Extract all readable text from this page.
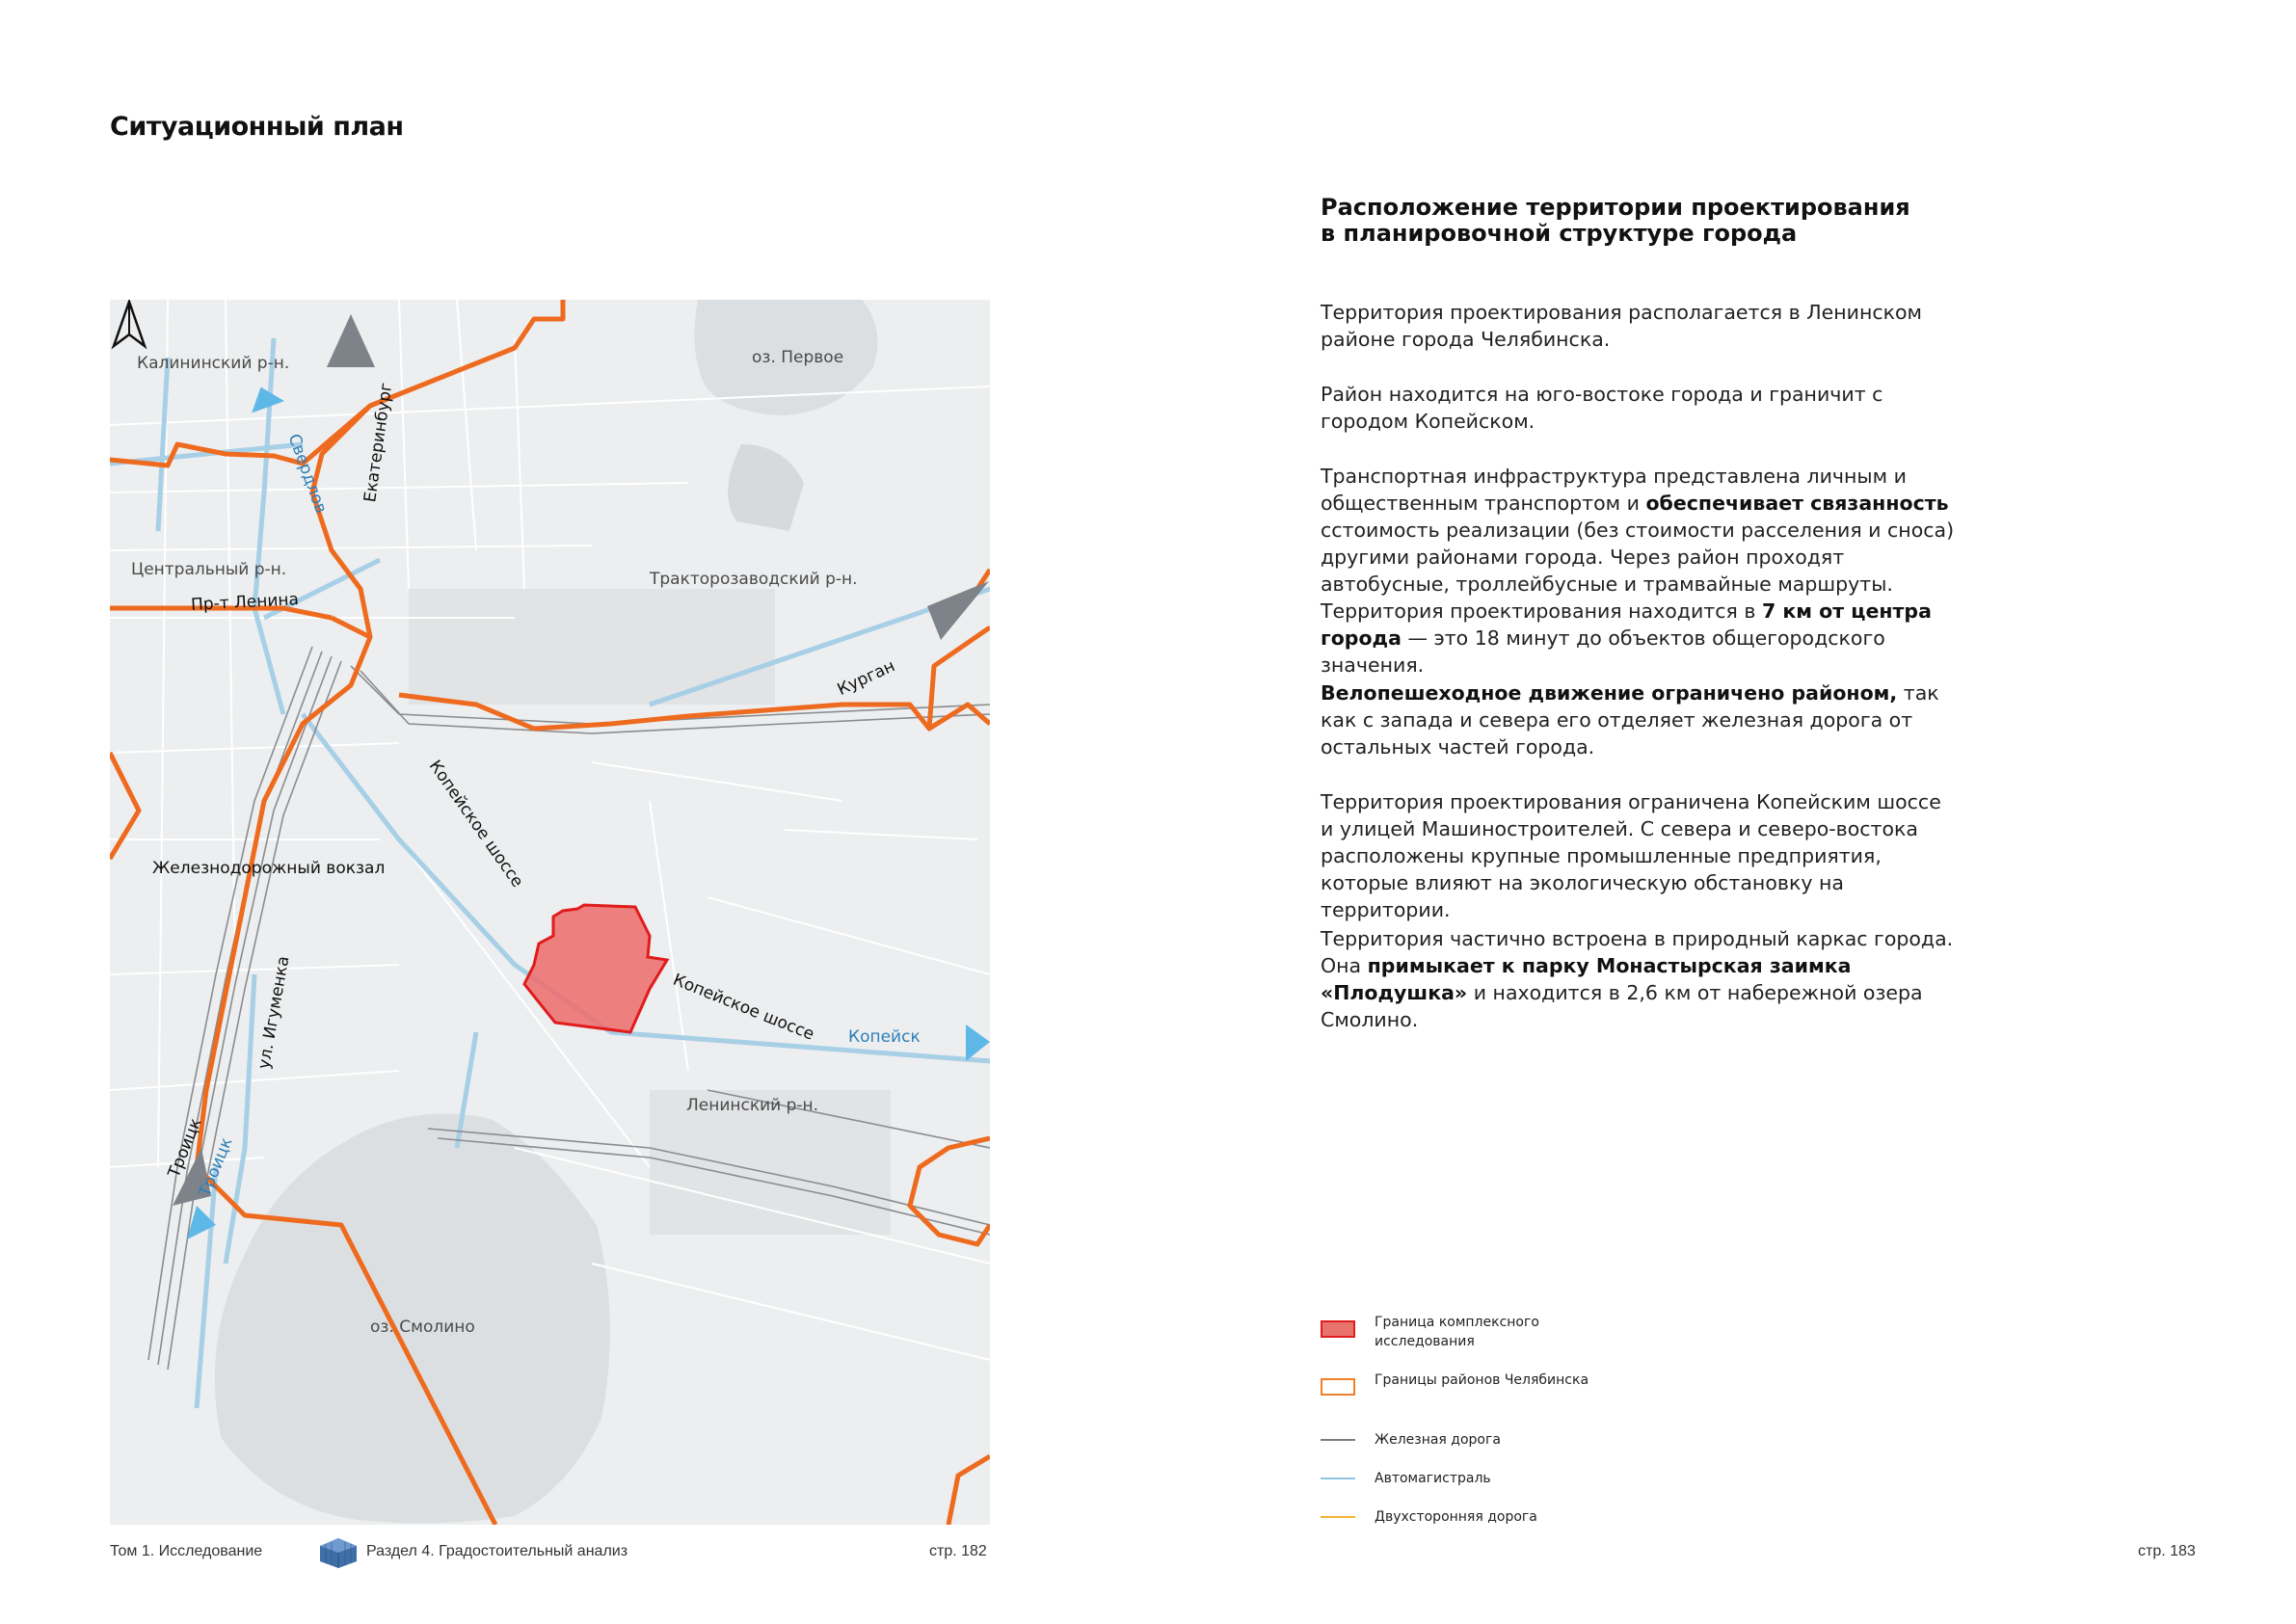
Ситуационный план
Калининский р-н.	оз. Первое
Свердлов Екатеринбург
Центральный р-н.
Пр-т Ленина
Тракторозаводский р-н.
Курган
Копейское шоссе
Железнодорожный вокзал
Копейское шоссе Копейск
ул. Игуменка
Ленинский р-н.
Троицк
Троицк
оз. Смолино
Том 1. Исследование	Раздел 4. Градостоительный анализ	стр. 182	стр. 183
Расположение территории проектирования
в планировочной структуре города
Территория проектирования располагается в Ленинском районе города Челябинска.
Район находится на юго-востоке города и граничит с городом Копейском.
Транспортная инфраструктура представлена личным и общественным транспортом и обеспечивает связанность сстоимость реализации (без стоимости расселения и сноса) другими районами города. Через район проходят автобусные, троллейбусные и трамвайные маршруты. Территория проектирования находится в 7 км от центра города — это 18 минут до объектов общегородского значения.
Велопешеходное движение ограничено районом, так как с запада и севера его отделяет железная дорога от остальных частей города.
Территория проектирования ограничена Копейским шоссе и улицей Машиностроителей. С севера и северо-востока расположены крупные промышленные предприятия, которые влияют на экологическую обстановку на территории.
Территория частично встроена в природный каркас города. Она примыкает к парку Монастырская заимка «Плодушка» и находится в 2,6 км от набережной озера Смолино.
Граница комплексного исследования
Границы районов Челябинска
Железная дорога
Автомагистраль
Двухсторонняя дорога
